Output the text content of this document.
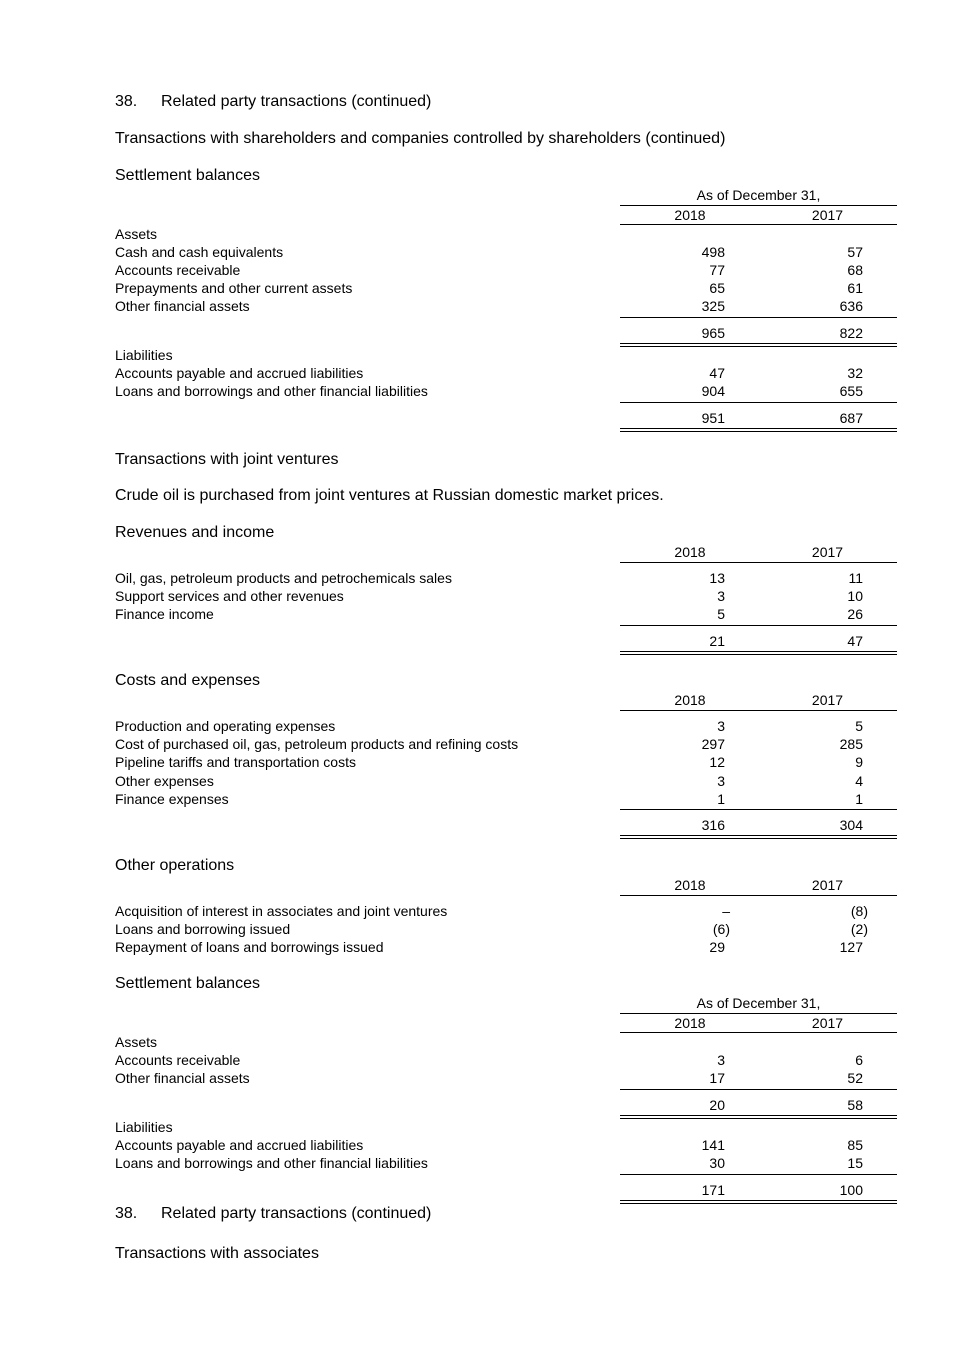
38. Related party transactions (continued)
Transactions with shareholders and companies controlled by shareholders (continued)
Settlement balances
As of December 31,
2018	2017
Assets
Cash and cash equivalents	498	57
Accounts receivable	77	68
Prepayments and other current assets	65	61
Other financial assets	325	636
965	822
Liabilities
Accounts payable and accrued liabilities	47	32
Loans and borrowings and other financial liabilities	904	655
951	687
Transactions with joint ventures
Crude oil is purchased from joint ventures at Russian domestic market prices.
Revenues and income
2018	2017
Oil, gas, petroleum products and petrochemicals sales	13	11
Support services and other revenues	3	10
Finance income	5	26
21	47
Costs and expenses
2018	2017
Production and operating expenses	3	5
Cost of purchased oil, gas, petroleum products and refining costs	297	285
Pipeline tariffs and transportation costs	12	9
Other expenses	3	4
Finance expenses	1	1
316	304
Other operations
2018	2017
Acquisition of interest in associates and joint ventures	–	(8)
Loans and borrowing issued	(6)	(2)
Repayment of loans and borrowings issued	29	127
Settlement balances
As of December 31,
2018	2017
Assets
Accounts receivable	3	6
Other financial assets	17	52
20	58
Liabilities
Accounts payable and accrued liabilities	141	85
Loans and borrowings and other financial liabilities	30	15
171	100
38. Related party transactions (continued)
Transactions with associates
